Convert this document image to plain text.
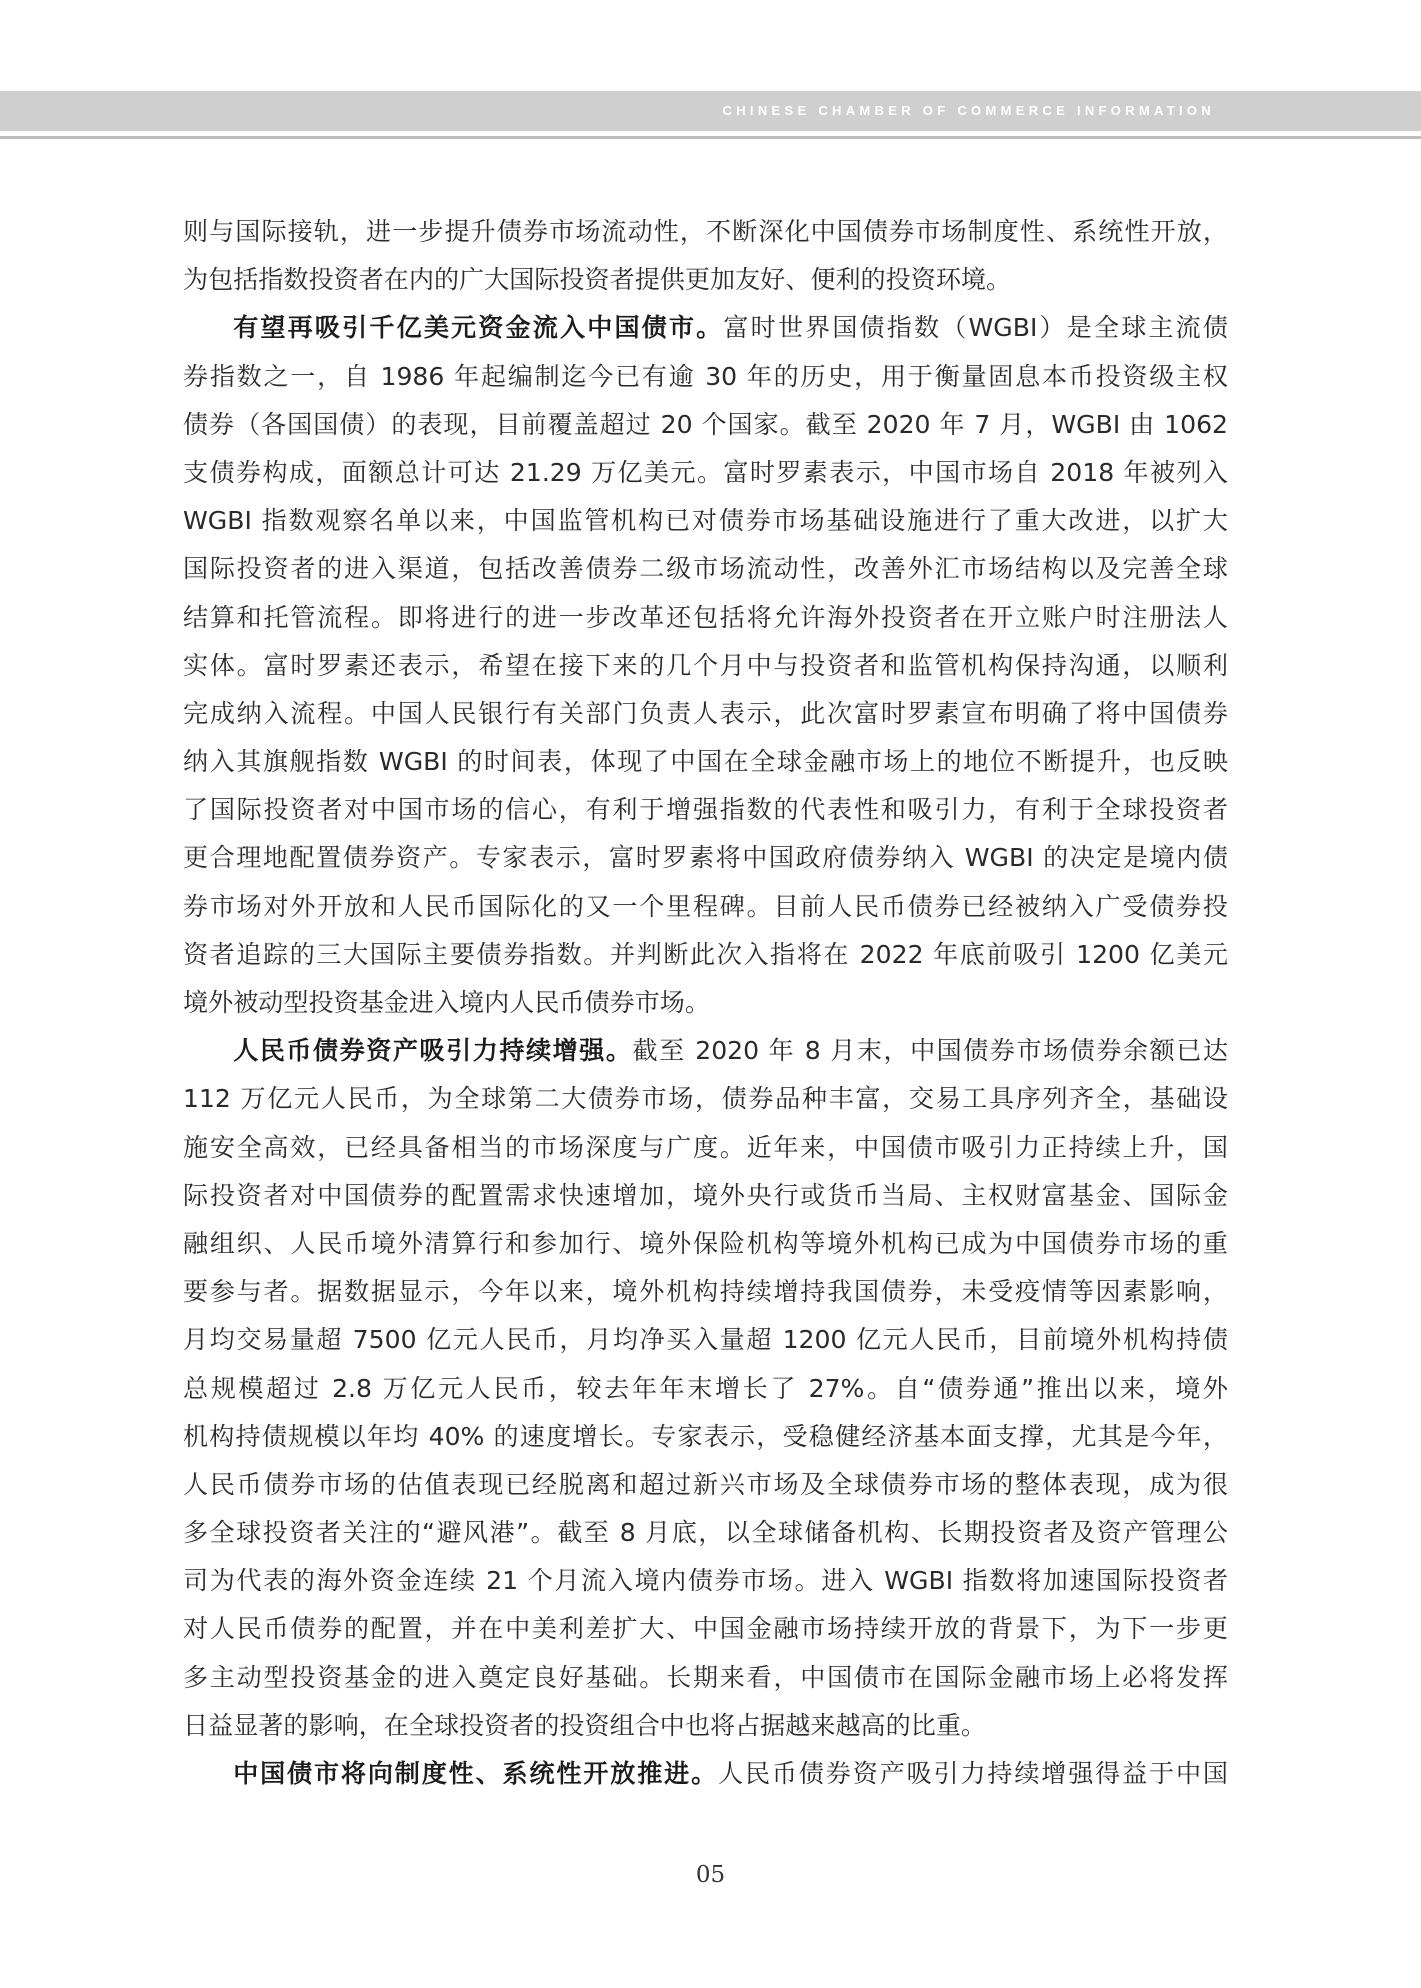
CHINESE CHAMBER OF COMMERCE INFORMATION
则与国际接轨，进一步提升债券市场流动性，不断深化中国债券市场制度性、系统性开放，
为包括指数投资者在内的广大国际投资者提供更加友好、便利的投资环境。
有望再吸引千亿美元资金流入中国债市。富时世界国债指数（WGBI）是全球主流债
券指数之一，自 1986 年起编制迄今已有逾 30 年的历史，用于衡量固息本币投资级主权
债券（各国国债）的表现，目前覆盖超过 20 个国家。截至 2020 年 7 月，WGBI 由 1062
支债券构成，面额总计可达 21.29 万亿美元。富时罗素表示，中国市场自 2018 年被列入
WGBI 指数观察名单以来，中国监管机构已对债券市场基础设施进行了重大改进，以扩大
国际投资者的进入渠道，包括改善债券二级市场流动性，改善外汇市场结构以及完善全球
结算和托管流程。即将进行的进一步改革还包括将允许海外投资者在开立账户时注册法人
实体。富时罗素还表示，希望在接下来的几个月中与投资者和监管机构保持沟通，以顺利
完成纳入流程。中国人民银行有关部门负责人表示，此次富时罗素宣布明确了将中国债券
纳入其旗舰指数 WGBI 的时间表，体现了中国在全球金融市场上的地位不断提升，也反映
了国际投资者对中国市场的信心，有利于增强指数的代表性和吸引力，有利于全球投资者
更合理地配置债券资产。专家表示，富时罗素将中国政府债券纳入 WGBI 的决定是境内债
券市场对外开放和人民币国际化的又一个里程碑。目前人民币债券已经被纳入广受债券投
资者追踪的三大国际主要债券指数。并判断此次入指将在 2022 年底前吸引 1200 亿美元
境外被动型投资基金进入境内人民币债券市场。
人民币债券资产吸引力持续增强。截至 2020 年 8 月末，中国债券市场债券余额已达
112 万亿元人民币，为全球第二大债券市场，债券品种丰富，交易工具序列齐全，基础设
施安全高效，已经具备相当的市场深度与广度。近年来，中国债市吸引力正持续上升，国
际投资者对中国债券的配置需求快速增加，境外央行或货币当局、主权财富基金、国际金
融组织、人民币境外清算行和参加行、境外保险机构等境外机构已成为中国债券市场的重
要参与者。据数据显示，今年以来，境外机构持续增持我国债券，未受疫情等因素影响，
月均交易量超 7500 亿元人民币，月均净买入量超 1200 亿元人民币，目前境外机构持债
总规模超过 2.8 万亿元人民币，较去年年末增长了 27%。自“债券通”推出以来，境外
机构持债规模以年均 40% 的速度增长。专家表示，受稳健经济基本面支撑，尤其是今年，
人民币债券市场的估值表现已经脱离和超过新兴市场及全球债券市场的整体表现，成为很
多全球投资者关注的“避风港”。截至 8 月底，以全球储备机构、长期投资者及资产管理公
司为代表的海外资金连续 21 个月流入境内债券市场。进入 WGBI 指数将加速国际投资者
对人民币债券的配置，并在中美利差扩大、中国金融市场持续开放的背景下，为下一步更
多主动型投资基金的进入奠定良好基础。长期来看，中国债市在国际金融市场上必将发挥
日益显著的影响，在全球投资者的投资组合中也将占据越来越高的比重。
中国债市将向制度性、系统性开放推进。人民币债券资产吸引力持续增强得益于中国
05
